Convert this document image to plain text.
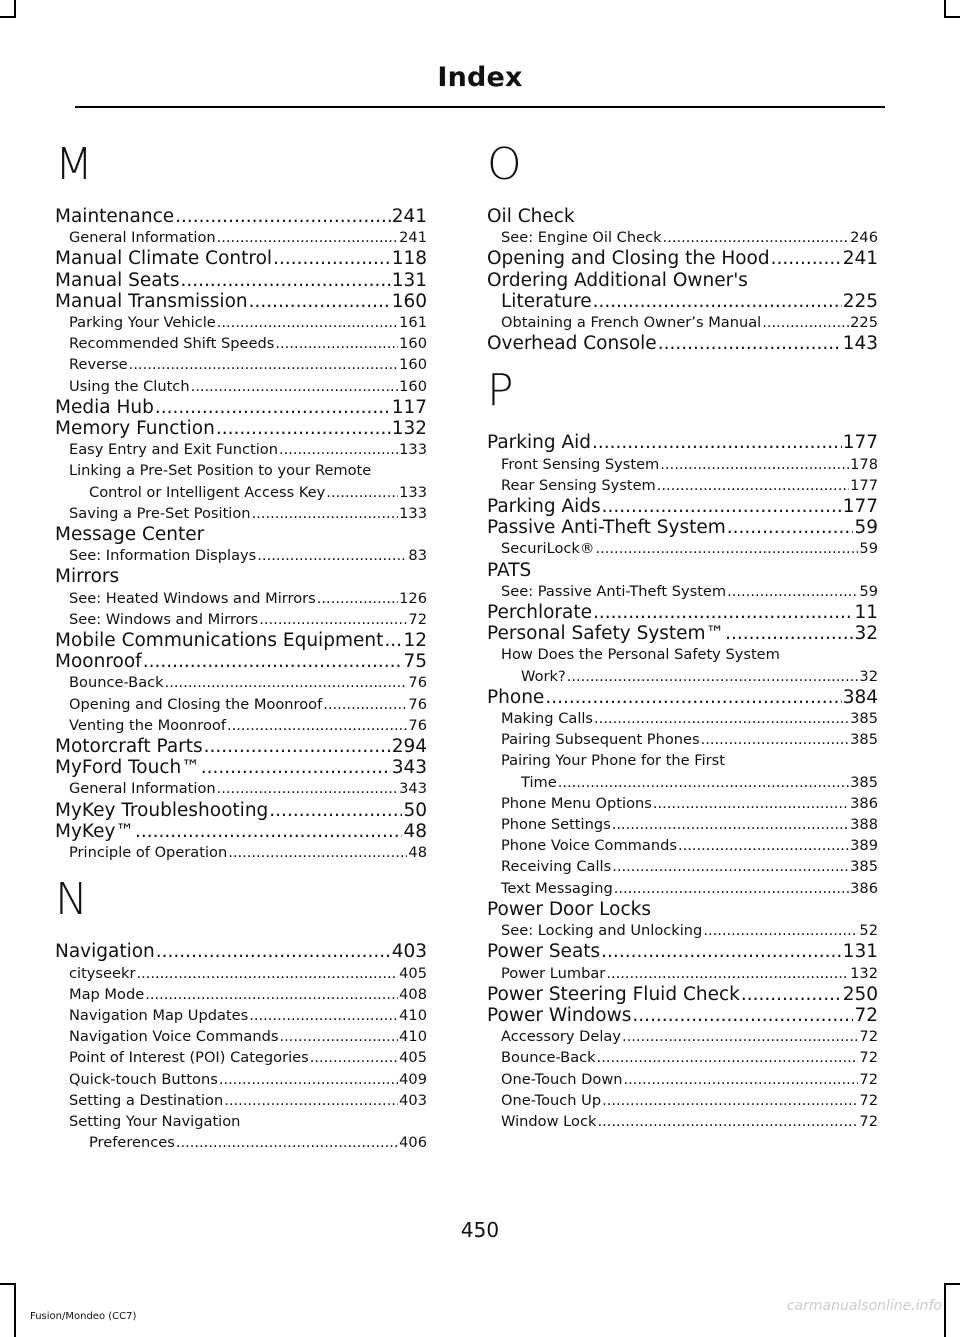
Index
M
Maintenance .....	241
General Information .....	241
Manual Climate Control .....	118
Manual Seats .....	131
Manual Transmission .....	160
Parking Your Vehicle .....	161
Recommended Shift Speeds .....	160
Reverse .....	160
Using the Clutch .....	160
Media Hub .....	117
Memory Function .....	132
Easy Entry and Exit Function .....	133
Linking a Pre-Set Position to your Remote
Control or Intelligent Access Key .....	133
Saving a Pre-Set Position .....	133
Message Center
See: Information Displays .....	83
Mirrors
See: Heated Windows and Mirrors .....	126
See: Windows and Mirrors .....	72
Mobile Communications Equipment ..... 12
Moonroof .....	75
Bounce-Back .....	76
Opening and Closing the Moonroof .....	76
Venting the Moonroof .....	76
Motorcraft Parts .....	294
MyFord Touch™ .....	343
General Information .....	343
MyKey Troubleshooting .....	50
MyKey™ .....	48
Principle of Operation .....	48
N
Navigation .....	403
cityseekr .....	405
Map Mode .....	408
Navigation Map Updates .....	410
Navigation Voice Commands .....	410
Point of Interest (POI) Categories .....	405
Quick-touch Buttons .....	409
Setting a Destination .....	403
Setting Your Navigation
Preferences .....	406
O
Oil Check
See: Engine Oil Check .....	246
Opening and Closing the Hood .....	241
Ordering Additional Owner's
Literature .....	225
Obtaining a French Owner’s Manual .....	225
Overhead Console .....	143
P
Parking Aid .....	177
Front Sensing System .....	178
Rear Sensing System .....	177
Parking Aids .....	177
Passive Anti-Theft System .....	59
SecuriLock® .....	59
PATS
See: Passive Anti-Theft System .....	59
Perchlorate .....	11
Personal Safety System™ .....	32
How Does the Personal Safety System
Work? .....	32
Phone .....	384
Making Calls .....	385
Pairing Subsequent Phones .....	385
Pairing Your Phone for the First
Time .....	385
Phone Menu Options .....	386
Phone Settings .....	388
Phone Voice Commands .....	389
Receiving Calls .....	385
Text Messaging .....	386
Power Door Locks
See: Locking and Unlocking .....	52
Power Seats .....	131
Power Lumbar .....	132
Power Steering Fluid Check .....	250
Power Windows .....	72
Accessory Delay .....	72
Bounce-Back .....	72
One-Touch Down .....	72
One-Touch Up .....	72
Window Lock .....	72
450
Fusion/Mondeo (CC7)
carmanualsonline.info
